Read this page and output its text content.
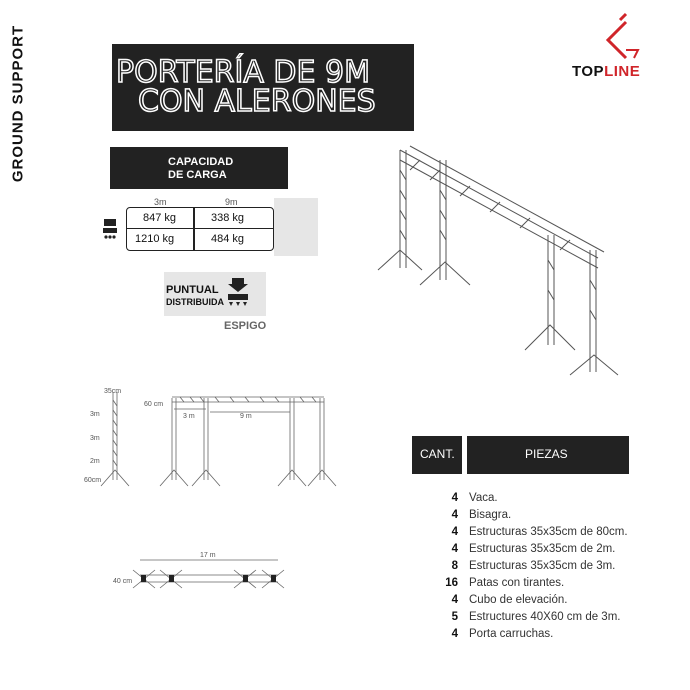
GROUND SUPPORT	PORTERÍA DE 9M
CON ALERONES
TOPLINE
CAPACIDAD
DE CARGA
3m	9m
847 kg	338 kg
1210 kg	484 kg
PUNTUAL
DISTRIBUIDA
ESPIGO
35cm
3m
3m
2m
60cm
60 cm
3 m	9 m
17 m
40 cm
CANT.	PIEZAS
4 Vaca.
4 Bisagra.
4 Estructuras 35x35cm de 80cm.
4 Estructuras 35x35cm de 2m.
8 Estructuras 35x35cm de 3m.
16 Patas con tirantes.
4 Cubo de elevación.
5 Estructures 40X60 cm de 3m.
4 Porta carruchas.
